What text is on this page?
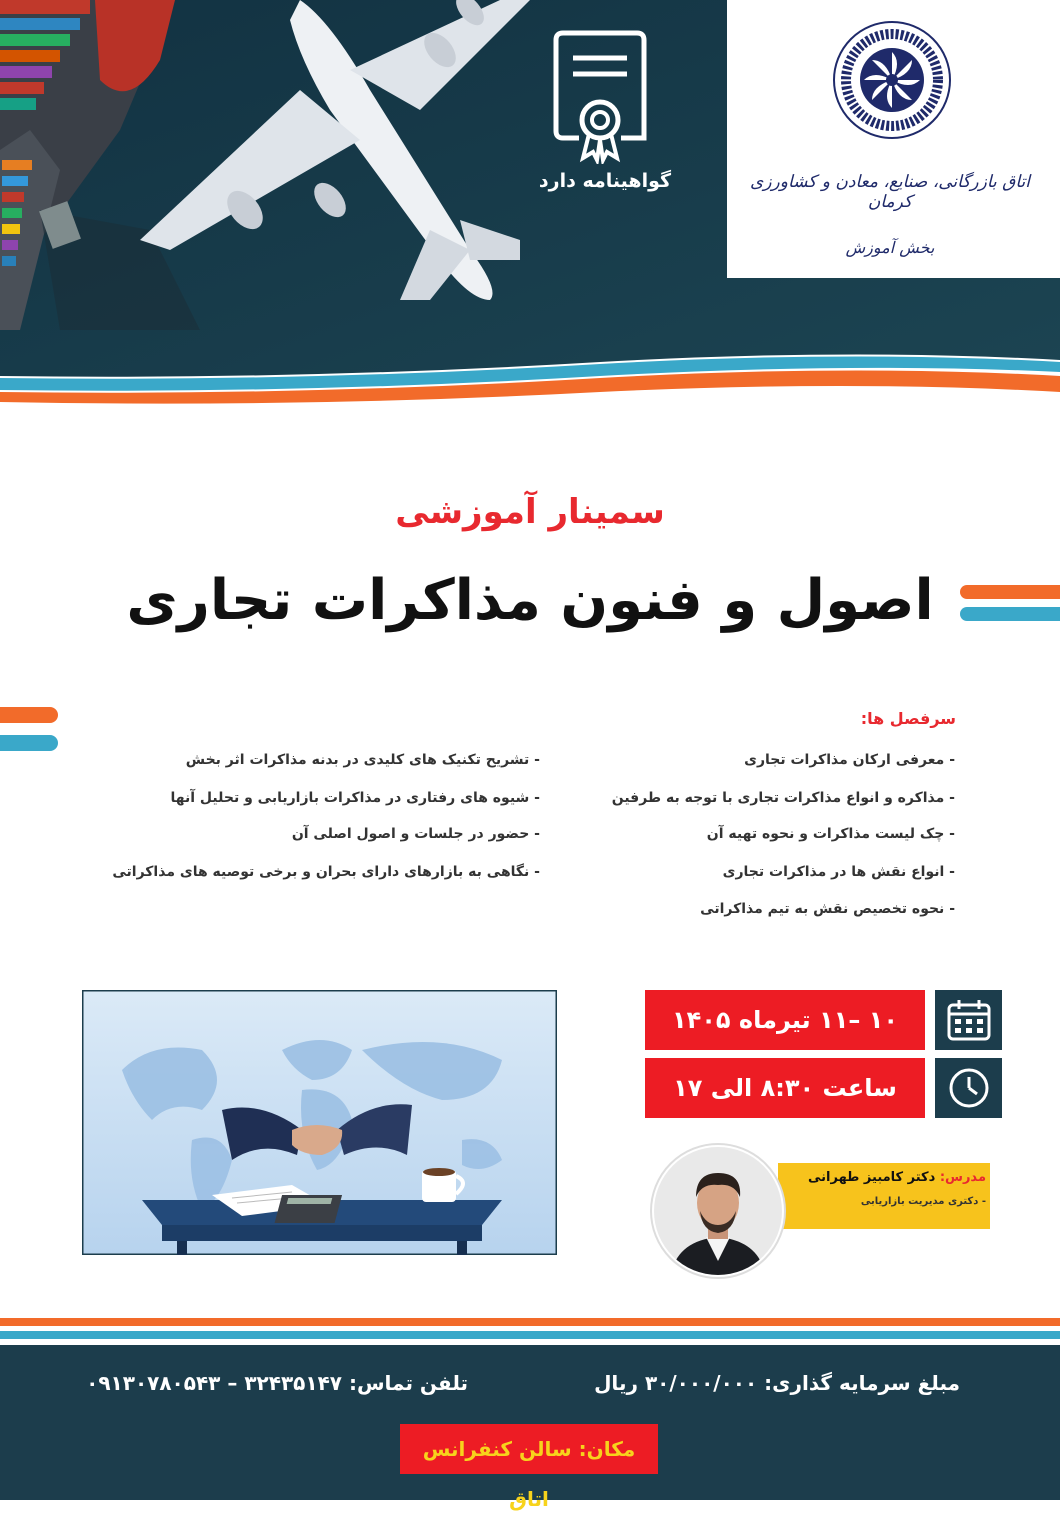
گواهینامه دارد	اتاق بازرگانی، صنایع، معادن و کشاورزی کرمان
بخش آموزش
سمینار آموزشی
اصول و فنون مذاکرات تجاری
سرفصل ها:
- معرفی ارکان مذاکرات تجاری
- مذاکره و انواع مذاکرات تجاری با توجه به طرفین
- چک لیست مذاکرات و نحوه تهیه آن
- انواع نقش ها در مذاکرات تجاری
- نحوه تخصیص نقش به تیم مذاکراتی
- تشریح تکنیک های کلیدی در بدنه مذاکرات اثر بخش
- شیوه های رفتاری در مذاکرات بازاریابی و تحلیل آنها
- حضور در جلسات و اصول اصلی آن
- نگاهی به بازارهای دارای بحران و برخی توصیه های مذاکراتی
۱۰ –۱۱ تیرماه ۱۴۰۵
ساعت ۸:۳۰ الی ۱۷
مدرس: دکتر کامبیز طهرانی
- دکتری مدیریت بازاریابی
مبلغ سرمایه گذاری: ۳۰/۰۰۰/۰۰۰ ریال
تلفن تماس: ۳۲۴۳۵۱۴۷ – ۰۹۱۳۰۷۸۰۵۴۳
مکان: سالن کنفرانس اتاق
